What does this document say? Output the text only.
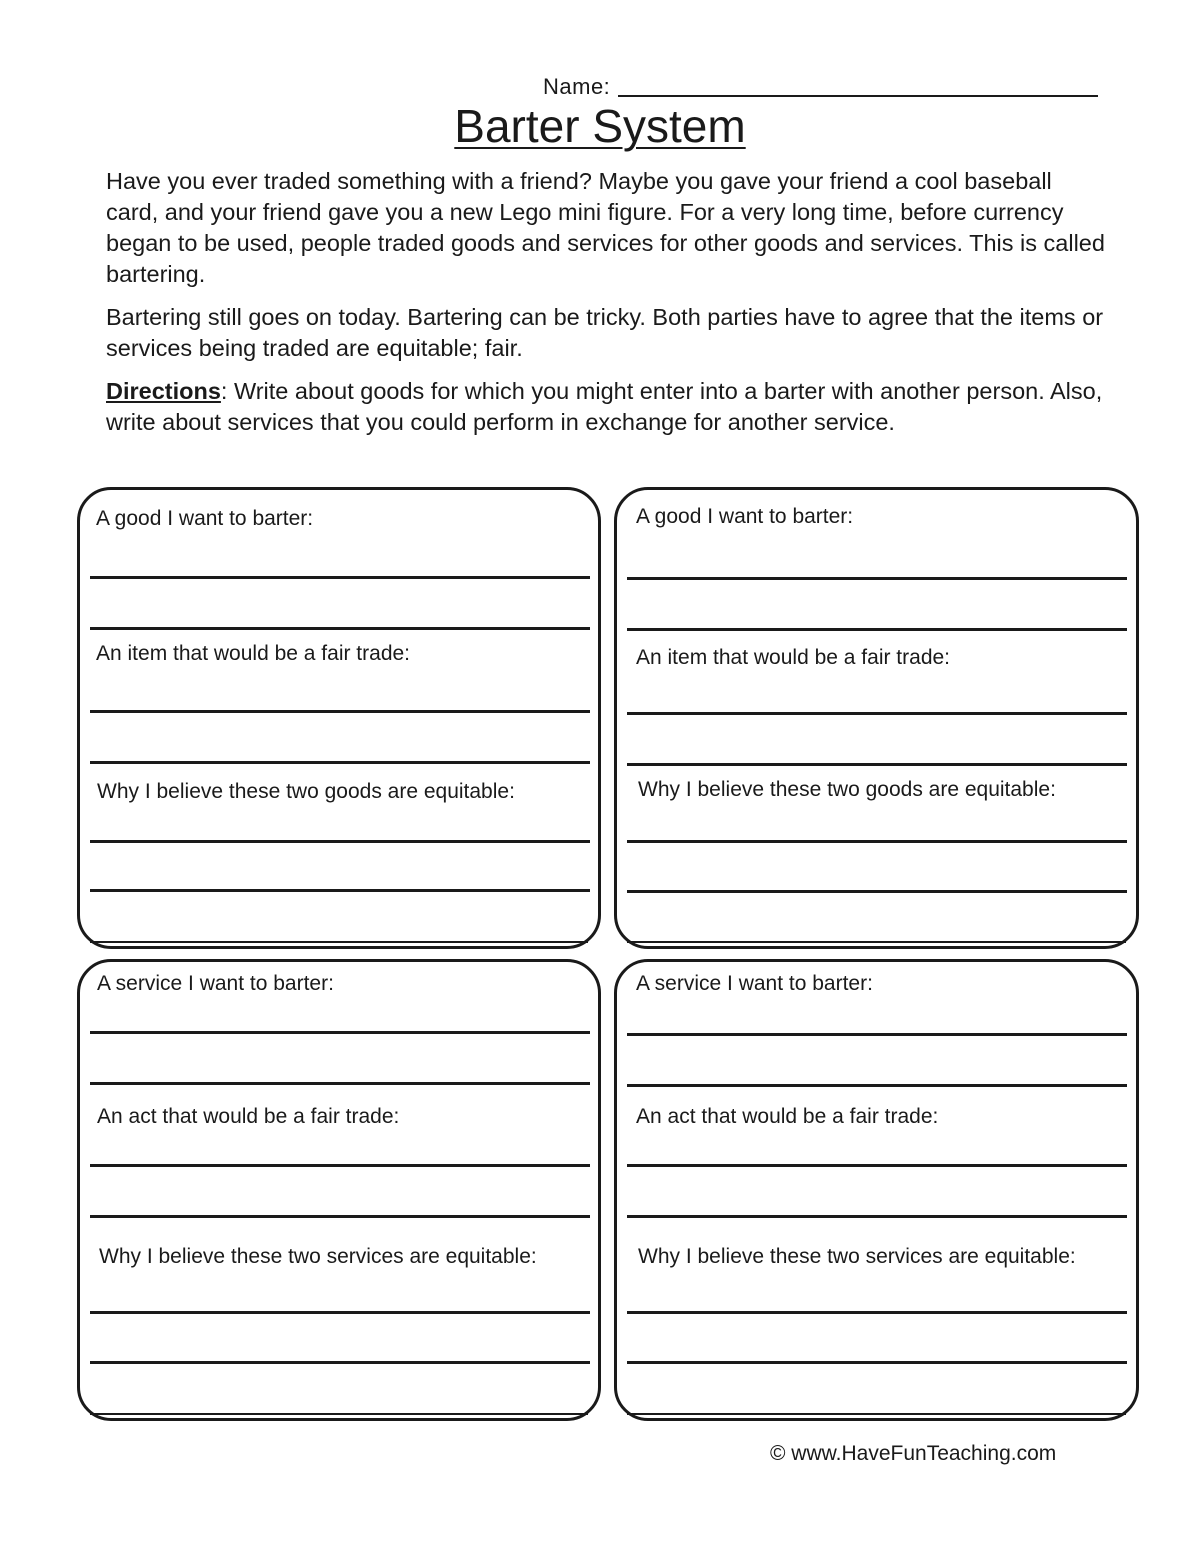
Name:
Barter System

Have you ever traded something with a friend? Maybe you gave your friend a cool baseball card, and your friend gave you a new Lego mini figure. For a very long time, before currency began to be used, people traded goods and services for other goods and services. This is called bartering.

Bartering still goes on today. Bartering can be tricky. Both parties have to agree that the items or services being traded are equitable; fair.

Directions: Write about goods for which you might enter into a barter with another person. Also, write about services that you could perform in exchange for another service.

A good I want to barter:
An item that would be a fair trade:
Why I believe these two goods are equitable:
A good I want to barter:
An item that would be a fair trade:
Why I believe these two goods are equitable:
A service I want to barter:
An act that would be a fair trade:
Why I believe these two services are equitable:
A service I want to barter:
An act that would be a fair trade:
Why I believe these two services are equitable:
© www.HaveFunTeaching.com
